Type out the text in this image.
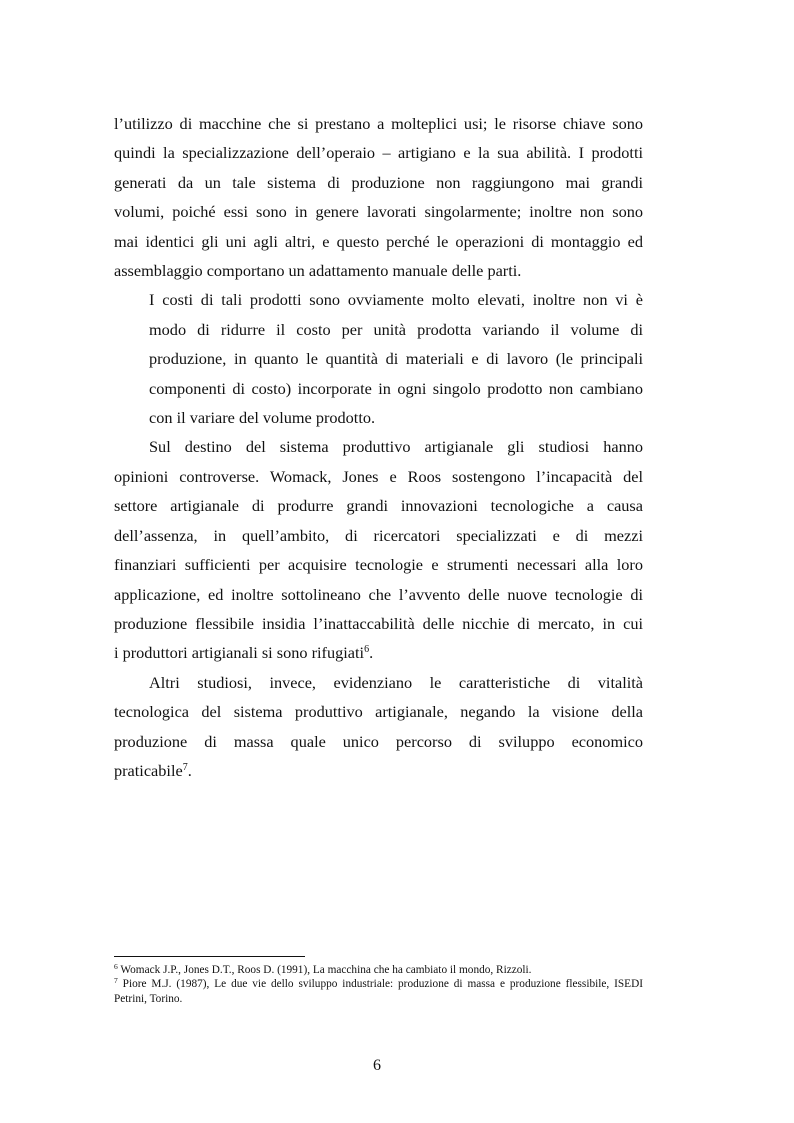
l’utilizzo di macchine che si prestano a molteplici usi; le risorse chiave sono
quindi la specializzazione dell’operaio – artigiano e la sua abilità. I prodotti
generati da un tale sistema di produzione non raggiungono mai grandi
volumi, poiché essi sono in genere lavorati singolarmente; inoltre non sono
mai identici gli uni agli altri, e questo perché le operazioni di montaggio ed
assemblaggio comportano un adattamento manuale delle parti.

I costi di tali prodotti sono ovviamente molto elevati, inoltre non vi è
modo di ridurre il costo per unità prodotta variando il volume di
produzione, in quanto le quantità di materiali e di lavoro (le principali
componenti di costo) incorporate in ogni singolo prodotto non cambiano
con il variare del volume prodotto.

Sul destino del sistema produttivo artigianale gli studiosi hanno
opinioni controverse. Womack, Jones e Roos sostengono l’incapacità del
settore artigianale di produrre grandi innovazioni tecnologiche a causa
dell’assenza, in quell’ambito, di ricercatori specializzati e di mezzi
finanziari sufficienti per acquisire tecnologie e strumenti necessari alla loro
applicazione, ed inoltre sottolineano che l’avvento delle nuove tecnologie di
produzione flessibile insidia l’inattaccabilità delle nicchie di mercato, in cui
i produttori artigianali si sono rifugiati$^6$.

Altri studiosi, invece, evidenziano le caratteristiche di vitalità
tecnologica del sistema produttivo artigianale, negando la visione della
produzione di massa quale unico percorso di sviluppo economico
praticabile$^7$.

$^6$ Womack J.P., Jones D.T., Roos D. (1991), La macchina che ha cambiato il mondo, Rizzoli.

$^7$ Piore M.J. (1987), Le due vie dello sviluppo industriale: produzione di massa e produzione flessibile, ISEDI Petrini, Torino.

6
